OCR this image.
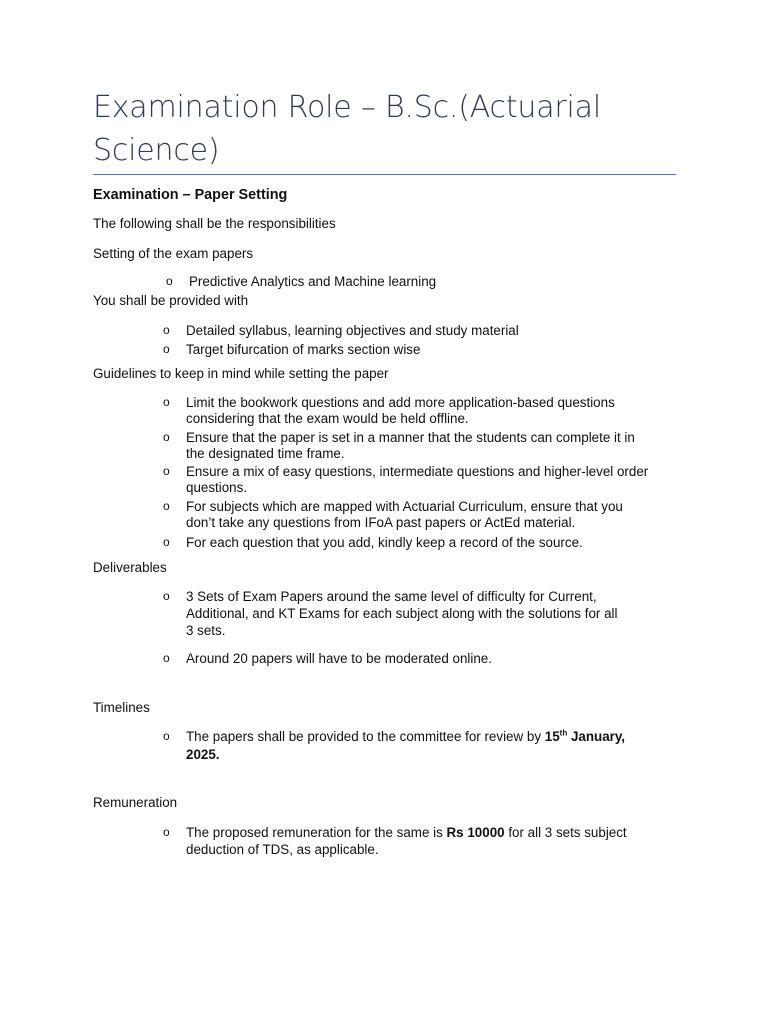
Examination Role – B.Sc.(Actuarial Science)
Examination – Paper Setting
The following shall be the responsibilities
Setting of the exam papers
o Predictive Analytics and Machine learning
You shall be provided with
o Detailed syllabus, learning objectives and study material
o Target bifurcation of marks section wise
Guidelines to keep in mind while setting the paper
o Limit the bookwork questions and add more application-based questions
considering that the exam would be held offline.
o Ensure that the paper is set in a manner that the students can complete it in
the designated time frame.
o Ensure a mix of easy questions, intermediate questions and higher-level order
questions.
o For subjects which are mapped with Actuarial Curriculum, ensure that you
don’t take any questions from IFoA past papers or ActEd material.
o For each question that you add, kindly keep a record of the source.
Deliverables
o 3 Sets of Exam Papers around the same level of difficulty for Current,
Additional, and KT Exams for each subject along with the solutions for all
3 sets.
o Around 20 papers will have to be moderated online.
Timelines
o The papers shall be provided to the committee for review by 15th January,
2025.
Remuneration
o The proposed remuneration for the same is Rs 10000 for all 3 sets subject
deduction of TDS, as applicable.
